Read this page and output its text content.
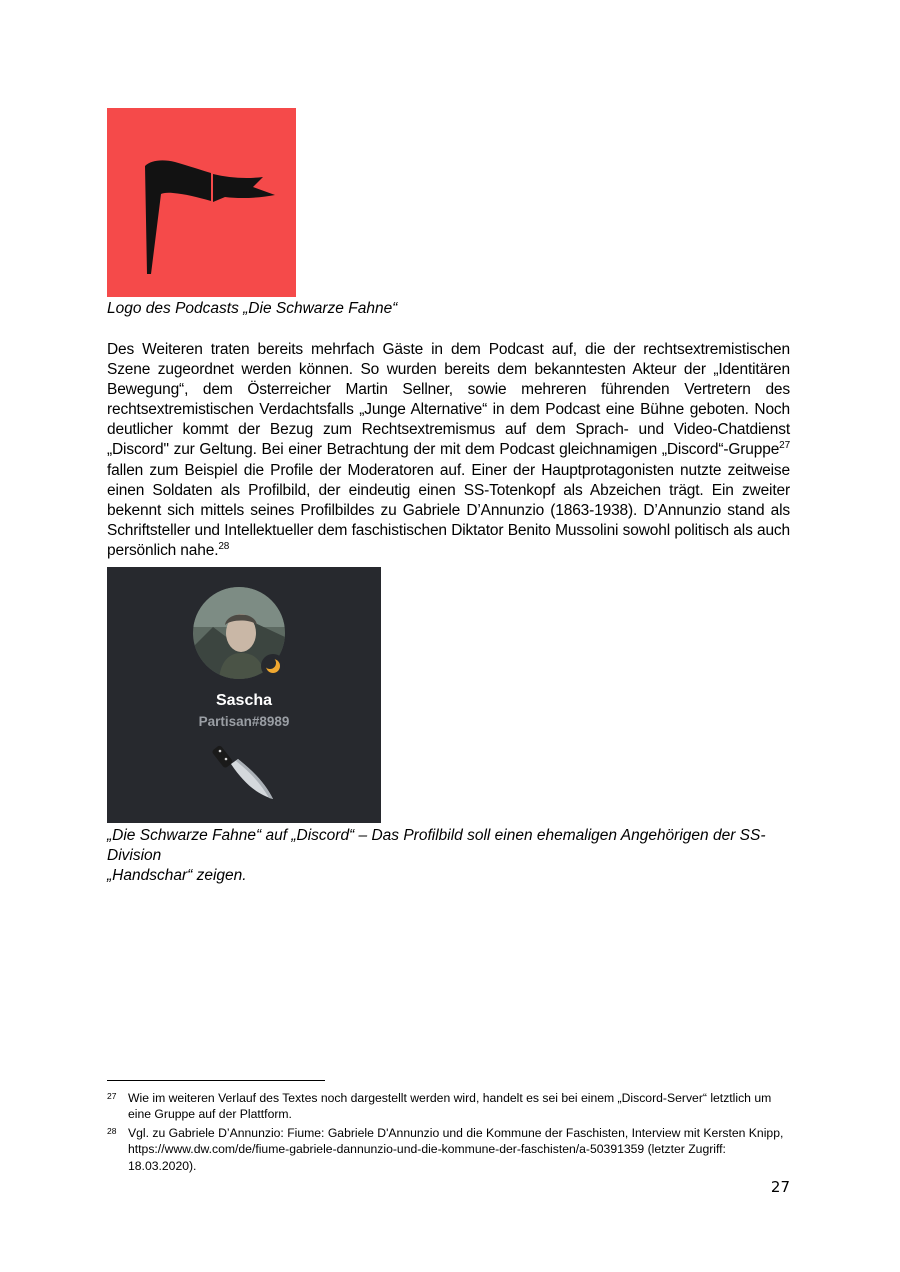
Logo des Podcasts „Die Schwarze Fahne“

Des Weiteren traten bereits mehrfach Gäste in dem Podcast auf, die der rechtsextremistischen Szene zugeordnet werden können. So wurden bereits dem bekanntesten Akteur der „Identitären Bewegung“, dem Österreicher Martin Sellner, sowie mehreren führenden Vertretern des rechtsextremistischen Verdachtsfalls „Junge Alternative“ in dem Podcast eine Bühne geboten. Noch deutlicher kommt der Bezug zum Rechtsextremismus auf dem Sprach- und Video-Chatdienst „Discord" zur Geltung. Bei einer Betrachtung der mit dem Podcast gleichnamigen „Discord“-Gruppe$^{27}$ fallen zum Beispiel die Profile der Moderatoren auf. Einer der Hauptprotagonisten nutzte zeitweise einen Soldaten als Profilbild, der eindeutig einen SS-Totenkopf als Abzeichen trägt. Ein zweiter bekennt sich mittels seines Profilbildes zu Gabriele D’Annunzio (1863-1938). D’Annunzio stand als Schriftsteller und Intellektueller dem faschistischen Diktator Benito Mussolini sowohl politisch als auch persönlich nahe.$^{28}$

Sascha
Partisan#8989
„Die Schwarze Fahne“ auf „Discord“ – Das Profilbild soll einen ehemaligen Angehörigen der SS-Division
„Handschar“ zeigen.
27 Wie im weiteren Verlauf des Textes noch dargestellt werden wird, handelt es sei bei einem „Discord-Server“ letztlich um eine Gruppe auf der Plattform.
28 Vgl. zu Gabriele D’Annunzio: Fiume: Gabriele D'Annunzio und die Kommune der Faschisten, Interview mit Kersten Knipp, https://www.dw.com/de/fiume-gabriele-dannunzio-und-die-kommune-der-faschisten/a-50391359 (letzter Zugriff: 18.03.2020).
27
